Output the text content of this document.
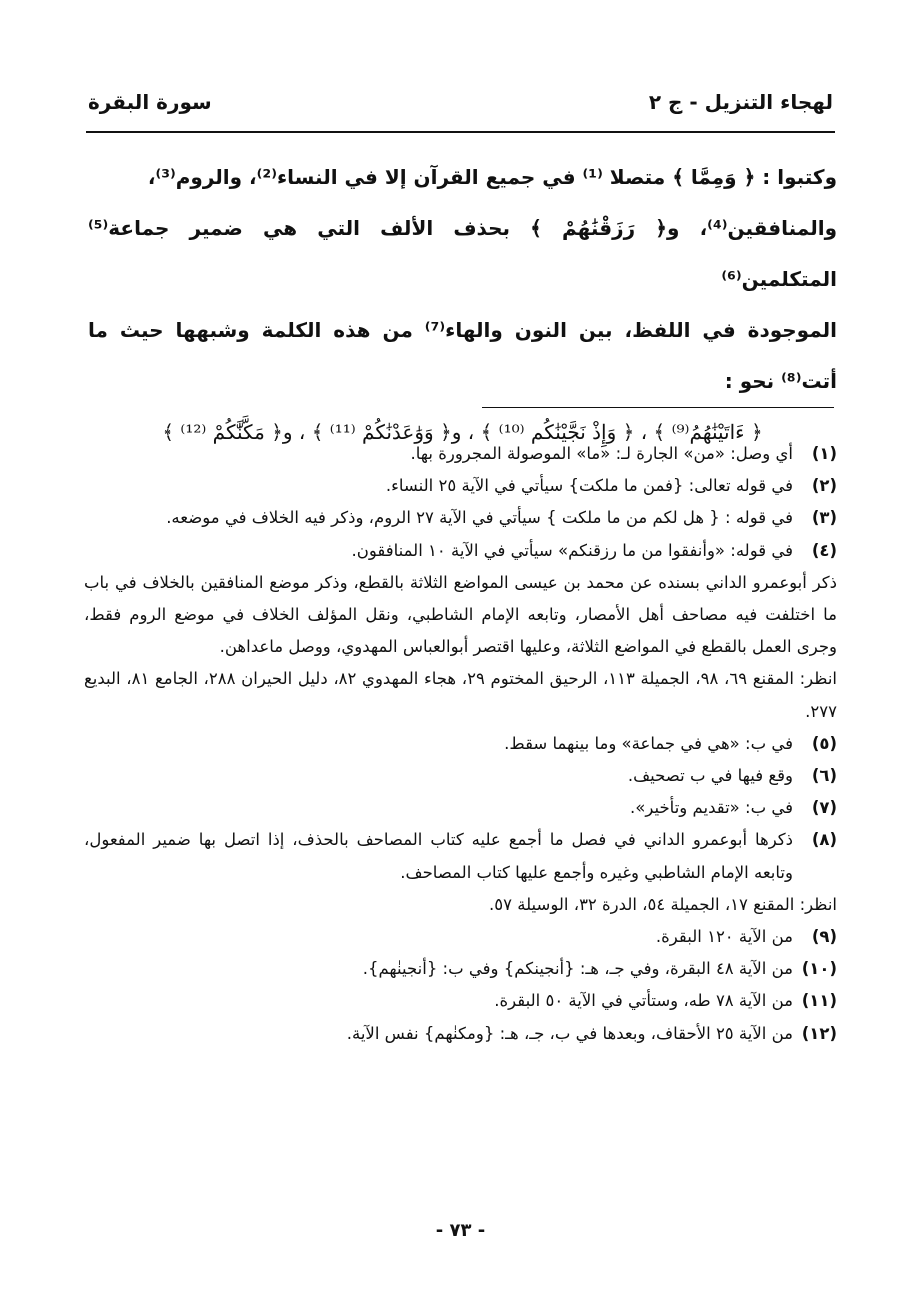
سورة البقرة	لهجاء التنزيل - ج ٢
وكتبوا : ﴿ وَمِمَّا ﴾ متصلا ⁽¹⁾ في جميع القرآن إلا في النساء⁽²⁾، والروم⁽³⁾،
والمنافقين⁽⁴⁾، و﴿ رَزَقْنَٰهُمْ ﴾ بحذف الألف التي هي ضمير جماعة⁽⁵⁾ المتكلمين⁽⁶⁾
الموجودة في اللفظ، بين النون والهاء⁽⁷⁾ من هذه الكلمة وشبهها حيث ما أتت⁽⁸⁾ نحو :
﴿ ءَاتَيْنَٰهُمُ⁽⁹⁾ ﴾ ، ﴿ وَإِذْ نَجَّيْنَٰكُم ⁽¹⁰⁾ ﴾ ، و﴿ وَوَٰعَدْنَٰكُمْ ⁽¹¹⁾ ﴾ ، و﴿ مَكَّنَّٰكُمْ ⁽¹²⁾ ﴾
(١)
أي وصل: «من» الجارة لـ: «ما» الموصولة المجرورة بها.
(٢)
في قوله تعالى: {فمن ما ملكت} سيأتي في الآية ٢٥ النساء.
(٣)
في قوله : { هل لكم من ما ملكت } سيأتي في الآية ٢٧ الروم، وذكر فيه الخلاف في موضعه.
(٤)
في قوله: «وأنفقوا من ما رزقنكم» سيأتي في الآية ١٠ المنافقون.
ذكر أبوعمرو الداني بسنده عن محمد بن عيسى المواضع الثلاثة بالقطع، وذكر موضع المنافقين بالخلاف في باب ما اختلفت فيه مصاحف أهل الأمصار، وتابعه الإمام الشاطبي، ونقل المؤلف الخلاف في موضع الروم فقط، وجرى العمل بالقطع في المواضع الثلاثة، وعليها اقتصر أبوالعباس المهدوي، ووصل ماعداهن.
انظر: المقنع ٦٩، ٩٨، الجميلة ١١٣، الرحيق المختوم ٢٩، هجاء المهدوي ٨٢، دليل الحيران ٢٨٨، الجامع ٨١، البديع ٢٧٧.
(٥)
في ب: «هي في جماعة» وما بينهما سقط.
(٦)
وقع فيها في ب تصحيف.
(٧)
في ب: «تقديم وتأخير».
(٨)
ذكرها أبوعمرو الداني في فصل ما أجمع عليه كتاب المصاحف بالحذف، إذا اتصل بها ضمير المفعول، وتابعه الإمام الشاطبي وغيره وأجمع عليها كتاب المصاحف.
انظر: المقنع ١٧، الجميلة ٥٤، الدرة ٣٢، الوسيلة ٥٧.
(٩)
من الآية ١٢٠ البقرة.
(١٠)
من الآية ٤٨ البقرة، وفي جـ، هـ: {أنجينكم} وفي ب: {أنجينٰهم}.
(١١)
من الآية ٧٨ طه، وستأتي في الآية ٥٠ البقرة.
(١٢)
من الآية ٢٥ الأحقاف، وبعدها في ب، جـ، هـ: {ومكنٰهم} نفس الآية.
- ٧٣ -
